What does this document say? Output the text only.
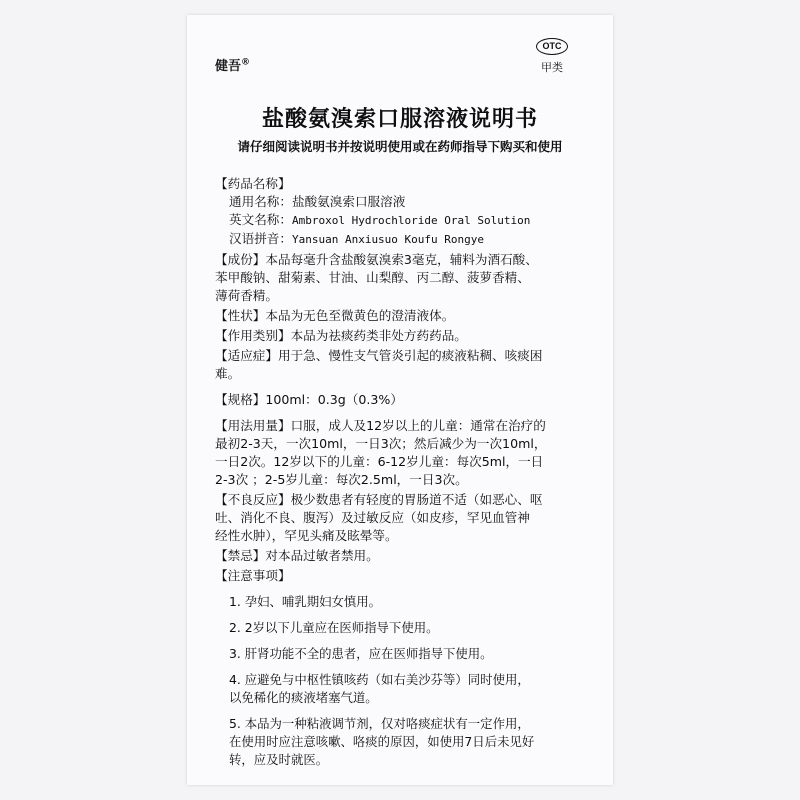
健吾®
OTC
甲类
盐酸氨溴索口服溶液说明书
请仔细阅读说明书并按说明使用或在药师指导下购买和使用
【药品名称】
通用名称：盐酸氨溴索口服溶液
英文名称：Ambroxol Hydrochloride Oral Solution
汉语拼音：Yansuan Anxiusuo Koufu Rongye
【成份】本品每毫升含盐酸氨溴索3毫克，辅料为酒石酸、
苯甲酸钠、甜菊素、甘油、山梨醇、丙二醇、菠萝香精、
薄荷香精。
【性状】本品为无色至微黄色的澄清液体。
【作用类别】本品为祛痰药类非处方药药品。
【适应症】用于急、慢性支气管炎引起的痰液粘稠、咳痰困
难。
【规格】100ml：0.3g（0.3%）
【用法用量】口服，成人及12岁以上的儿童：通常在治疗的
最初2-3天，一次10ml，一日3次；然后减少为一次10ml，
一日2次。12岁以下的儿童：6-12岁儿童：每次5ml，一日
2-3次 ；2-5岁儿童：每次2.5ml，一日3次。
【不良反应】极少数患者有轻度的胃肠道不适（如恶心、呕
吐、消化不良、腹泻）及过敏反应（如皮疹，罕见血管神
经性水肿），罕见头痛及眩晕等。
【禁忌】对本品过敏者禁用。
【注意事项】
1. 孕妇、哺乳期妇女慎用。
2. 2岁以下儿童应在医师指导下使用。
3. 肝肾功能不全的患者，应在医师指导下使用。
4. 应避免与中枢性镇咳药（如右美沙芬等）同时使用，
以免稀化的痰液堵塞气道。
5. 本品为一种粘液调节剂，仅对咯痰症状有一定作用，
在使用时应注意咳嗽、咯痰的原因，如使用7日后未见好
转，应及时就医。
